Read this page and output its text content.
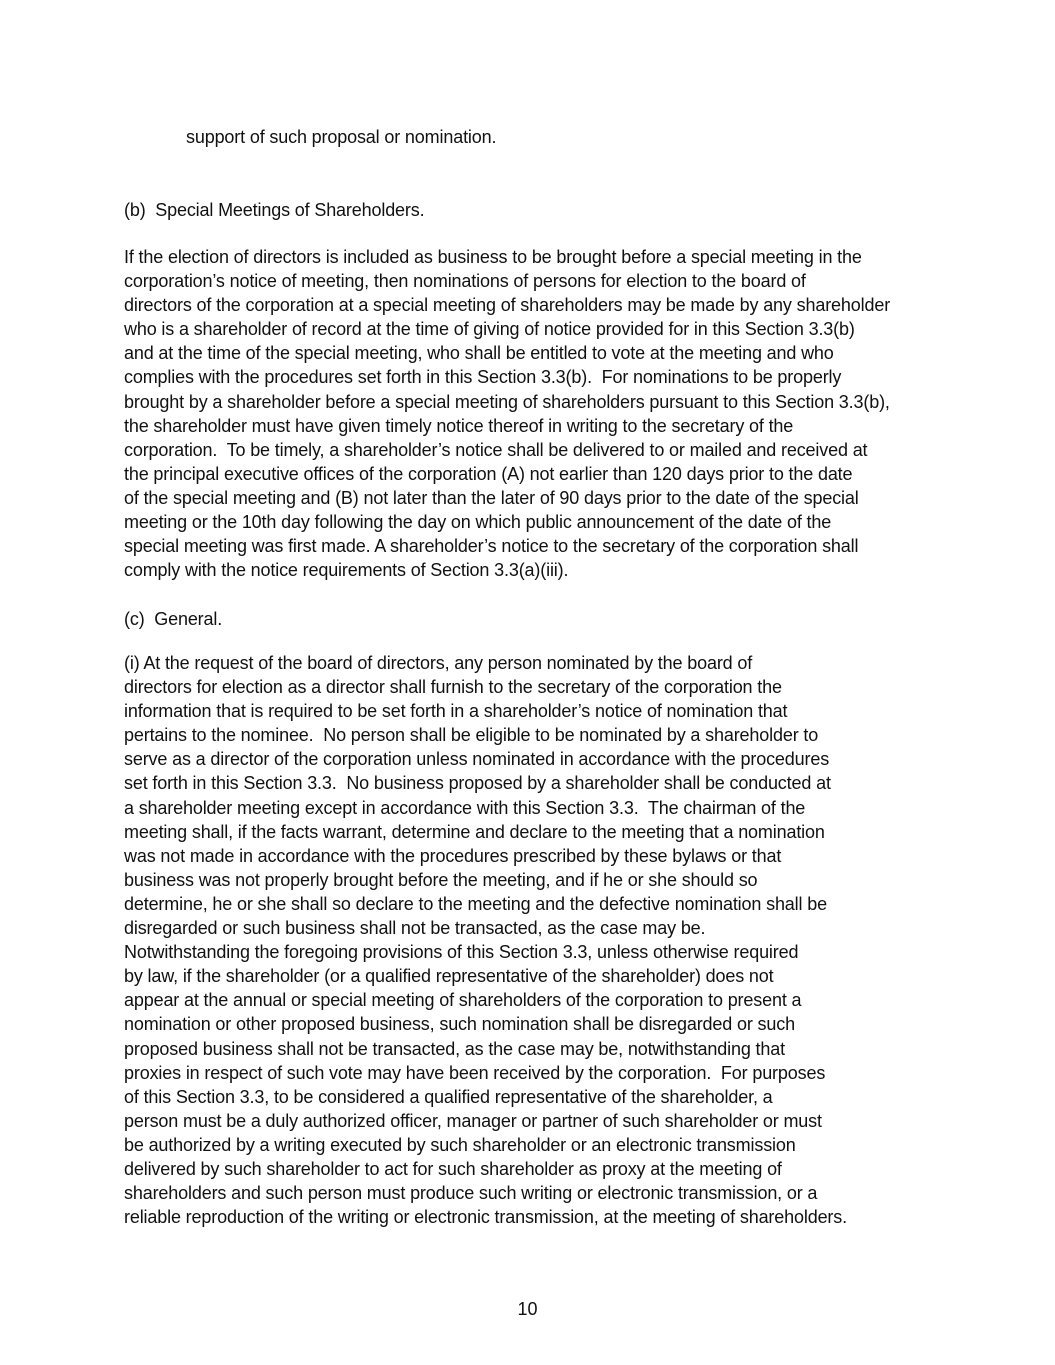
support of such proposal or nomination.
(b)  Special Meetings of Shareholders.
If the election of directors is included as business to be brought before a special meeting in the
corporation’s notice of meeting, then nominations of persons for election to the board of
directors of the corporation at a special meeting of shareholders may be made by any shareholder
who is a shareholder of record at the time of giving of notice provided for in this Section 3.3(b)
and at the time of the special meeting, who shall be entitled to vote at the meeting and who
complies with the procedures set forth in this Section 3.3(b).  For nominations to be properly
brought by a shareholder before a special meeting of shareholders pursuant to this Section 3.3(b),
the shareholder must have given timely notice thereof in writing to the secretary of the
corporation.  To be timely, a shareholder’s notice shall be delivered to or mailed and received at
the principal executive offices of the corporation (A) not earlier than 120 days prior to the date
of the special meeting and (B) not later than the later of 90 days prior to the date of the special
meeting or the 10th day following the day on which public announcement of the date of the
special meeting was first made. A shareholder’s notice to the secretary of the corporation shall
comply with the notice requirements of Section 3.3(a)(iii).
(c)  General.
(i) At the request of the board of directors, any person nominated by the board of
directors for election as a director shall furnish to the secretary of the corporation the
information that is required to be set forth in a shareholder’s notice of nomination that
pertains to the nominee.  No person shall be eligible to be nominated by a shareholder to
serve as a director of the corporation unless nominated in accordance with the procedures
set forth in this Section 3.3.  No business proposed by a shareholder shall be conducted at
a shareholder meeting except in accordance with this Section 3.3.  The chairman of the
meeting shall, if the facts warrant, determine and declare to the meeting that a nomination
was not made in accordance with the procedures prescribed by these bylaws or that
business was not properly brought before the meeting, and if he or she should so
determine, he or she shall so declare to the meeting and the defective nomination shall be
disregarded or such business shall not be transacted, as the case may be.
Notwithstanding the foregoing provisions of this Section 3.3, unless otherwise required
by law, if the shareholder (or a qualified representative of the shareholder) does not
appear at the annual or special meeting of shareholders of the corporation to present a
nomination or other proposed business, such nomination shall be disregarded or such
proposed business shall not be transacted, as the case may be, notwithstanding that
proxies in respect of such vote may have been received by the corporation.  For purposes
of this Section 3.3, to be considered a qualified representative of the shareholder, a
person must be a duly authorized officer, manager or partner of such shareholder or must
be authorized by a writing executed by such shareholder or an electronic transmission
delivered by such shareholder to act for such shareholder as proxy at the meeting of
shareholders and such person must produce such writing or electronic transmission, or a
reliable reproduction of the writing or electronic transmission, at the meeting of shareholders.
10
